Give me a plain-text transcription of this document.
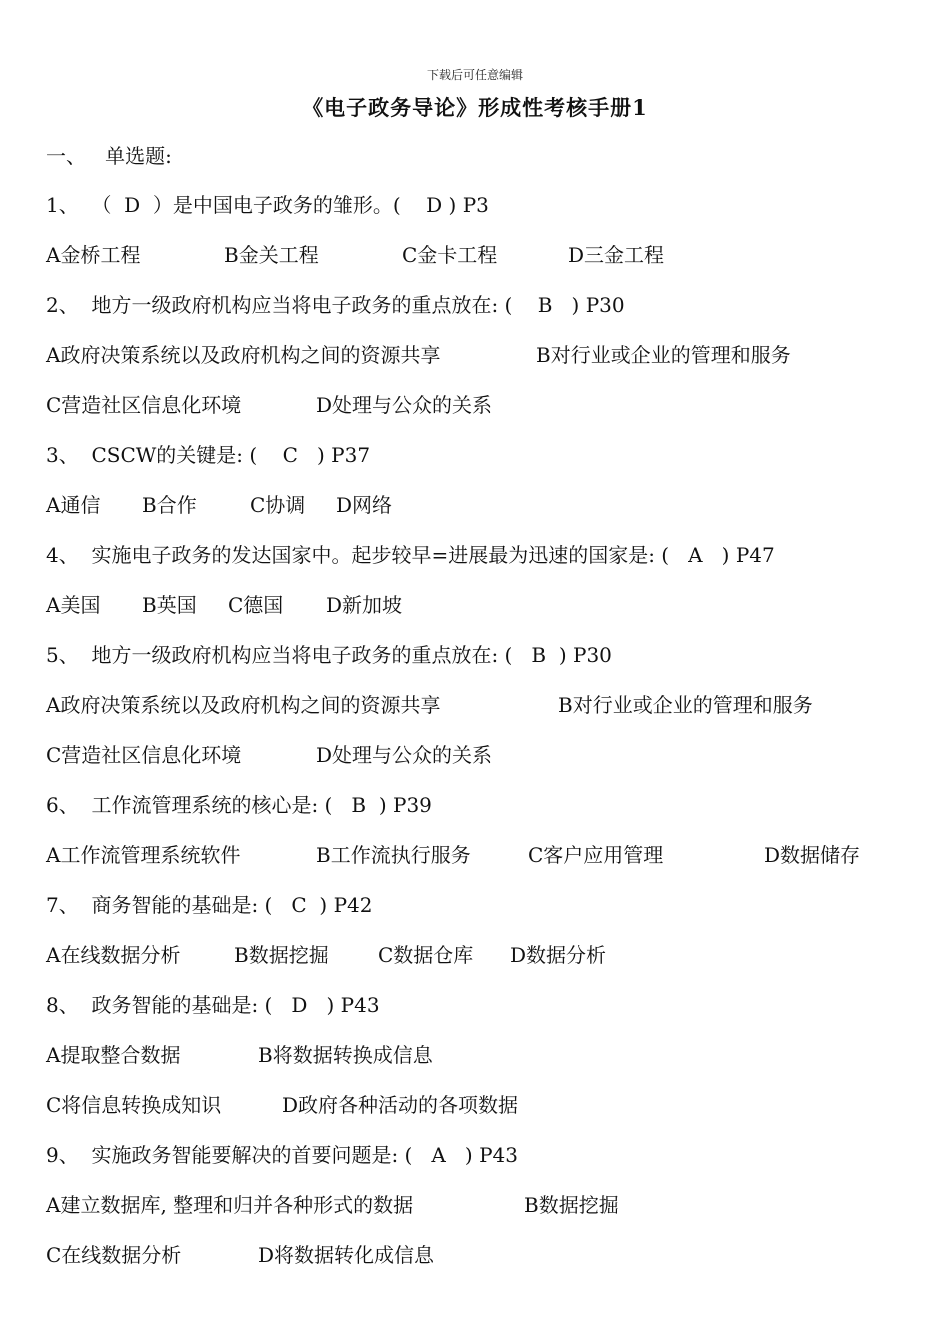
下载后可任意编辑
《电子政务导论》形成性考核手册1
一、   单选题:
1、  （  D  ）是中国电子政务的雏形。(    D ) P3

A金桥工程

	B金关工程

	C金卡工程

	D三金工程

2、  地方一级政府机构应当将电子政务的重点放在: (    B   ) P30

A政府决策系统以及政府机构之间的资源共享

	B对行业或企业的管理和服务

C营造社区信息化环境

	D处理与公众的关系

3、  CSCW的关键是: (    C   ) P37

A通信

B合作

	C协调

D网络

4、  实施电子政务的发达国家中。起步较早=进展最为迅速的国家是: (   A   ) P47

A美国

B英国

C德国

D新加坡

5、  地方一级政府机构应当将电子政务的重点放在: (   B  ) P30

A政府决策系统以及政府机构之间的资源共享

	B对行业或企业的管理和服务

C营造社区信息化环境

	D处理与公众的关系

6、  工作流管理系统的核心是: (   B  ) P39

A工作流管理系统软件

	B工作流执行服务

	C客户应用管理

	D数据储存

7、  商务智能的基础是: (   C  ) P42

A在线数据分析

	B数据挖掘

C数据仓库

D数据分析

8、  政务智能的基础是: (   D   ) P43

A提取整合数据

	B将数据转换成信息

C将信息转换成知识

	D政府各种活动的各项数据

9、  实施政务智能要解决的首要问题是: (   A   ) P43

A建立数据库, 整理和归并各种形式的数据

	B数据挖掘

C在线数据分析

	D将数据转化成信息
